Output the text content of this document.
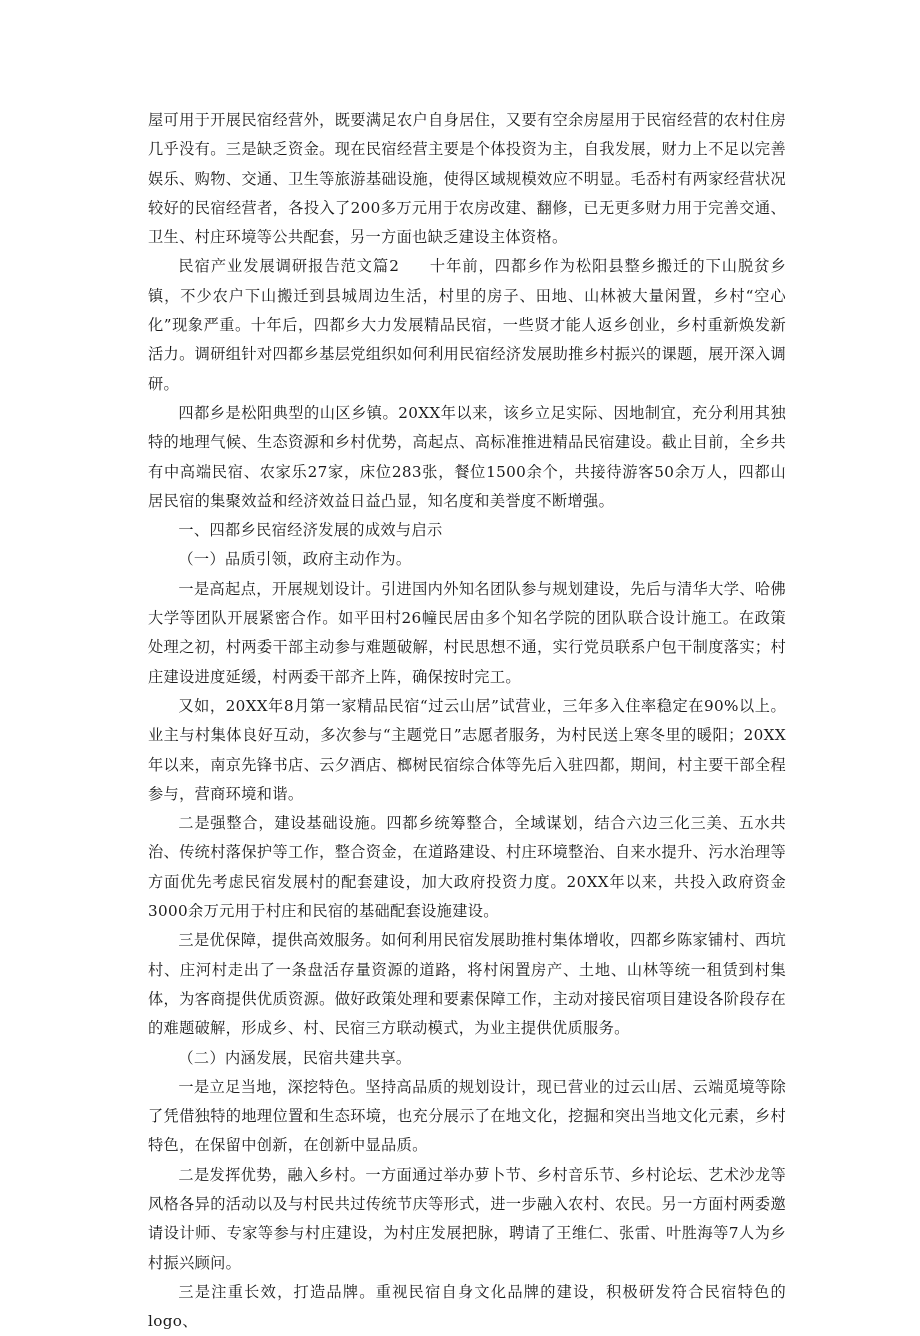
屋可用于开展民宿经营外，既要满足农户自身居住，又要有空余房屋用于民宿经营的农村住房几乎没有。三是缺乏资金。现在民宿经营主要是个体投资为主，自我发展，财力上不足以完善娱乐、购物、交通、卫生等旅游基础设施，使得区域规模效应不明显。毛岙村有两家经营状况较好的民宿经营者，各投入了200多万元用于农房改建、翻修，已无更多财力用于完善交通、卫生、村庄环境等公共配套，另一方面也缺乏建设主体资格。

民宿产业发展调研报告范文篇2 十年前，四都乡作为松阳县整乡搬迁的下山脱贫乡镇，不少农户下山搬迁到县城周边生活，村里的房子、田地、山林被大量闲置，乡村“空心化”现象严重。十年后，四都乡大力发展精品民宿，一些贤才能人返乡创业，乡村重新焕发新活力。调研组针对四都乡基层党组织如何利用民宿经济发展助推乡村振兴的课题，展开深入调研。

四都乡是松阳典型的山区乡镇。20XX年以来，该乡立足实际、因地制宜，充分利用其独特的地理气候、生态资源和乡村优势，高起点、高标准推进精品民宿建设。截止目前，全乡共有中高端民宿、农家乐27家，床位283张，餐位1500余个，共接待游客50余万人，四都山居民宿的集聚效益和经济效益日益凸显，知名度和美誉度不断增强。

一、四都乡民宿经济发展的成效与启示

（一）品质引领，政府主动作为。

一是高起点，开展规划设计。引进国内外知名团队参与规划建设，先后与清华大学、哈佛大学等团队开展紧密合作。如平田村26幢民居由多个知名学院的团队联合设计施工。在政策处理之初，村两委干部主动参与难题破解，村民思想不通，实行党员联系户包干制度落实；村庄建设进度延缓，村两委干部齐上阵，确保按时完工。

又如，20XX年8月第一家精品民宿“过云山居”试营业，三年多入住率稳定在90%以上。业主与村集体良好互动，多次参与“主题党日”志愿者服务，为村民送上寒冬里的暖阳；20XX年以来，南京先锋书店、云夕酒店、榔树民宿综合体等先后入驻四都，期间，村主要干部全程参与，营商环境和谐。

二是强整合，建设基础设施。四都乡统筹整合，全域谋划，结合六边三化三美、五水共治、传统村落保护等工作，整合资金，在道路建设、村庄环境整治、自来水提升、污水治理等方面优先考虑民宿发展村的配套建设，加大政府投资力度。20XX年以来，共投入政府资金3000余万元用于村庄和民宿的基础配套设施建设。

三是优保障，提供高效服务。如何利用民宿发展助推村集体增收，四都乡陈家铺村、西坑村、庄河村走出了一条盘活存量资源的道路，将村闲置房产、土地、山林等统一租赁到村集体，为客商提供优质资源。做好政策处理和要素保障工作，主动对接民宿项目建设各阶段存在的难题破解，形成乡、村、民宿三方联动模式，为业主提供优质服务。

（二）内涵发展，民宿共建共享。

一是立足当地，深挖特色。坚持高品质的规划设计，现已营业的过云山居、云端觅境等除了凭借独特的地理位置和生态环境，也充分展示了在地文化，挖掘和突出当地文化元素，乡村特色，在保留中创新，在创新中显品质。

二是发挥优势，融入乡村。一方面通过举办萝卜节、乡村音乐节、乡村论坛、艺术沙龙等风格各异的活动以及与村民共过传统节庆等形式，进一步融入农村、农民。另一方面村两委邀请设计师、专家等参与村庄建设，为村庄发展把脉，聘请了王维仁、张雷、叶胜海等7人为乡村振兴顾问。

三是注重长效，打造品牌。重视民宿自身文化品牌的建设，积极研发符合民宿特色的logo、
